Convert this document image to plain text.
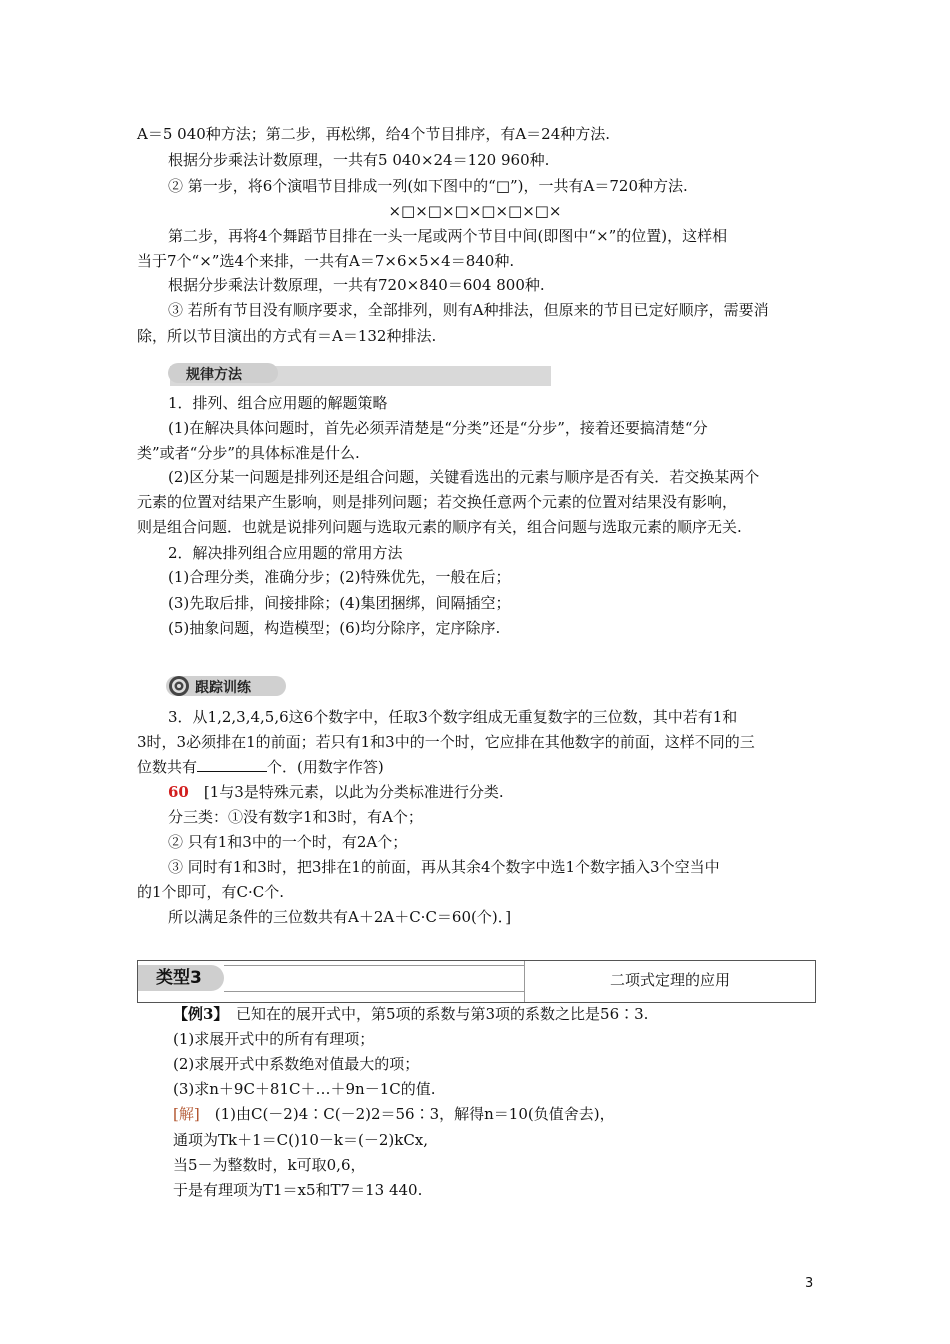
A＝5 040种方法；第二步，再松绑，给4个节目排序，有A＝24种方法.
根据分步乘法计数原理，一共有5 040×24＝120 960种.
② 第一步，将6个演唱节目排成一列(如下图中的“□”)，一共有A＝720种方法.
×□×□×□×□×□×□×
第二步，再将4个舞蹈节目排在一头一尾或两个节目中间(即图中“×”的位置)，这样相
当于7个“×”选4个来排，一共有A＝7×6×5×4＝840种.
根据分步乘法计数原理，一共有720×840＝604 800种.
③ 若所有节目没有顺序要求，全部排列，则有A种排法，但原来的节目已定好顺序，需要消
除，所以节目演出的方式有＝A＝132种排法.
规律方法
1．排列、组合应用题的解题策略
(1)在解决具体问题时，首先必须弄清楚是“分类”还是“分步”，接着还要搞清楚“分
类”或者“分步”的具体标准是什么.
(2)区分某一问题是排列还是组合问题，关键看选出的元素与顺序是否有关．若交换某两个
元素的位置对结果产生影响，则是排列问题；若交换任意两个元素的位置对结果没有影响，
则是组合问题．也就是说排列问题与选取元素的顺序有关，组合问题与选取元素的顺序无关.
2．解决排列组合应用题的常用方法
(1)合理分类，准确分步；(2)特殊优先，一般在后；
(3)先取后排，间接排除；(4)集团捆绑，间隔插空；
(5)抽象问题，构造模型；(6)均分除序，定序除序.
跟踪训练
3．从1,2,3,4,5,6这6个数字中，任取3个数字组成无重复数字的三位数，其中若有1和
3时，3必须排在1的前面；若只有1和3中的一个时，它应排在其他数字的前面，这样不同的三
位数共有	个．(用数字作答)
60　[1与3是特殊元素，以此为分类标准进行分类.
分三类：①没有数字1和3时，有A个；
② 只有1和3中的一个时，有2A个；
③ 同时有1和3时，把3排在1的前面，再从其余4个数字中选1个数字插入3个空当中
的1个即可，有C·C个.
所以满足条件的三位数共有A＋2A＋C·C＝60(个)．]
类型3	二项式定理的应用
【例3】　已知在的展开式中，第5项的系数与第3项的系数之比是56∶3.
(1)求展开式中的所有有理项；
(2)求展开式中系数绝对值最大的项；
(3)求n＋9C＋81C＋…＋9n－1C的值.
[解]　(1)由C(－2)4∶C(－2)2＝56∶3，解得n＝10(负值舍去)，
通项为Tk＋1＝C()10－k＝(－2)kCx,
当5－为整数时，k可取0,6，
于是有理项为T1＝x5和T7＝13 440.
3
